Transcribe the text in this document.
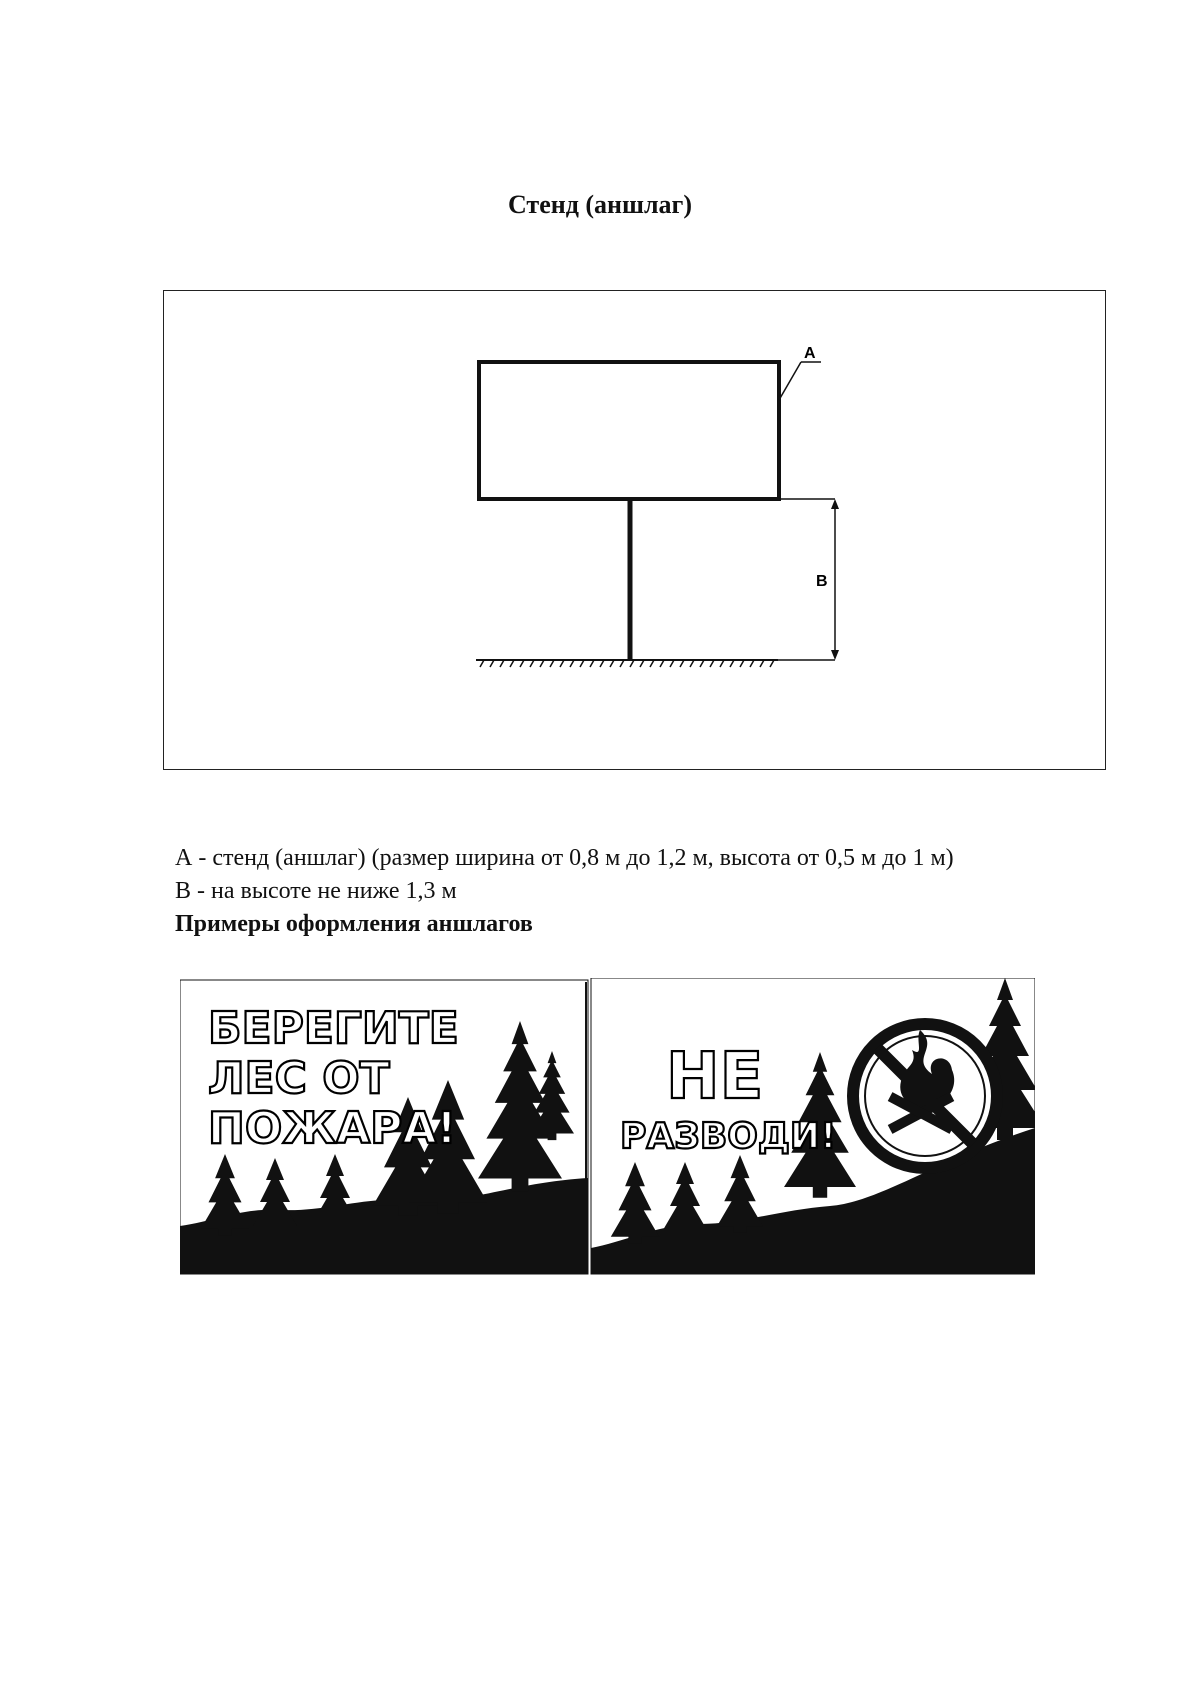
Стенд (аншлаг)
В
А
А - стенд (аншлаг) (размер ширина от 0,8 м до 1,2 м, высота от 0,5 м до 1 м)
В - на высоте не ниже 1,3 м
Примеры оформления аншлагов
БЕРЕГИТЕ
ЛЕС ОТ
ПОЖАРА!
НЕ
РАЗВОДИ!
